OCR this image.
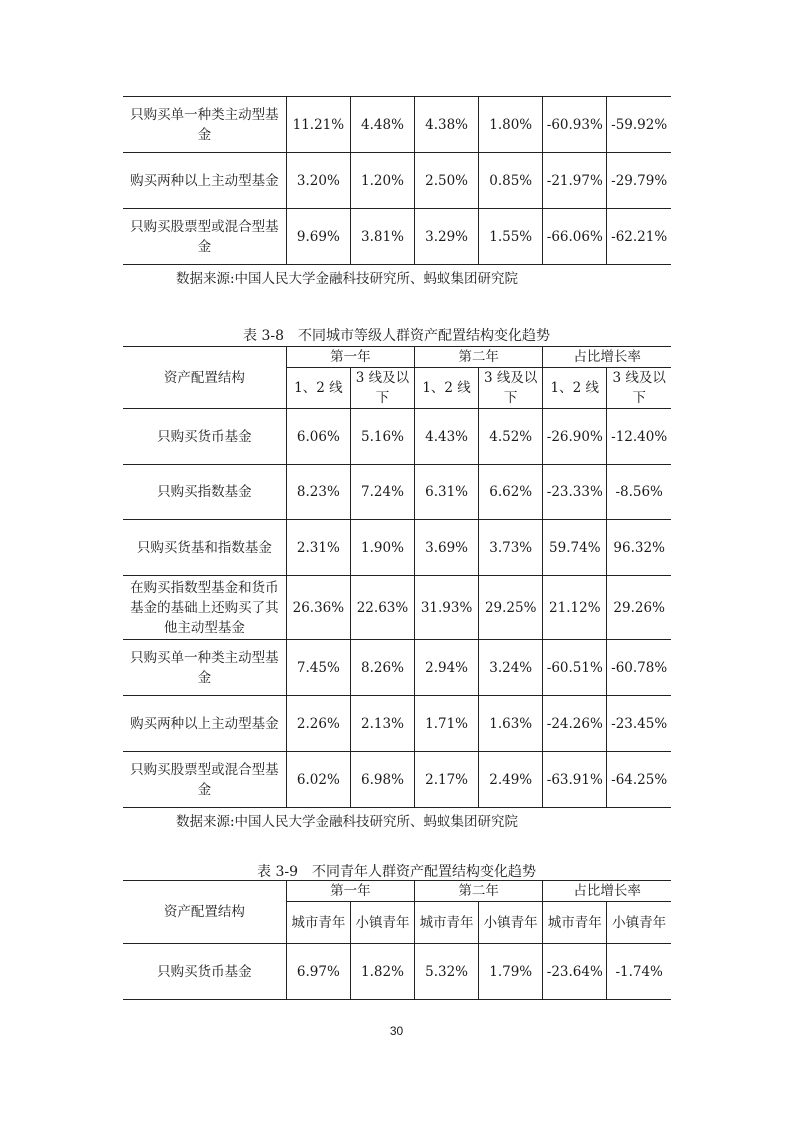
只购买单一种类主动型基金	11.21%	4.48%	4.38%	1.80%	-60.93%	-59.92%
购买两种以上主动型基金	3.20%	1.20%	2.50%	0.85%	-21.97%	-29.79%
只购买股票型或混合型基金	9.69%	3.81%	3.29%	1.55%	-66.06%	-62.21%
数据来源:中国人民大学金融科技研究所、蚂蚁集团研究院
表 3-8　不同城市等级人群资产配置结构变化趋势
资产配置结构	第一年		第二年		占比增长率	
	1、2 线	3 线及以下	1、2 线	3 线及以下	1、2 线	3 线及以下
只购买货币基金	6.06%	5.16%	4.43%	4.52%	-26.90%	-12.40%
只购买指数基金	8.23%	7.24%	6.31%	6.62%	-23.33%	-8.56%
只购买货基和指数基金	2.31%	1.90%	3.69%	3.73%	59.74%	96.32%
在购买指数型基金和货币基金的基础上还购买了其他主动型基金	26.36%	22.63%	31.93%	29.25%	21.12%	29.26%
只购买单一种类主动型基金	7.45%	8.26%	2.94%	3.24%	-60.51%	-60.78%
购买两种以上主动型基金	2.26%	2.13%	1.71%	1.63%	-24.26%	-23.45%
只购买股票型或混合型基金	6.02%	6.98%	2.17%	2.49%	-63.91%	-64.25%
数据来源:中国人民大学金融科技研究所、蚂蚁集团研究院
表 3-9　不同青年人群资产配置结构变化趋势
资产配置结构	第一年		第二年		占比增长率	
	城市青年	小镇青年	城市青年	小镇青年	城市青年	小镇青年
只购买货币基金	6.97%	1.82%	5.32%	1.79%	-23.64%	-1.74%
30
